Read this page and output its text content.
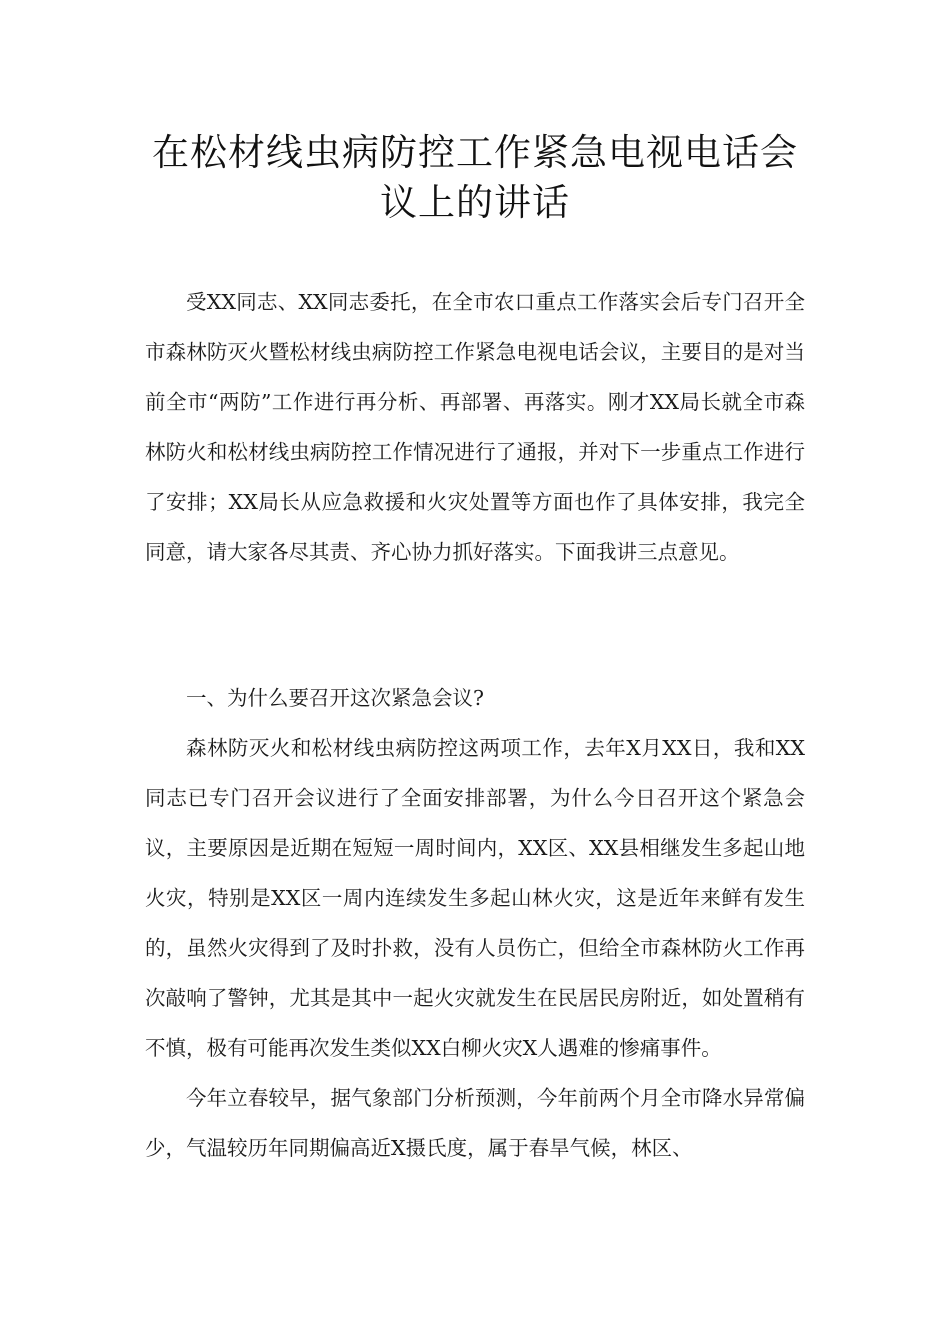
在松材线虫病防控工作紧急电视电话会
议上的讲话

受XX同志、XX同志委托，在全市农口重点工作落实会后专门召开全市森林防灭火暨松材线虫病防控工作紧急电视电话会议，主要目的是对当前全市“两防”工作进行再分析、再部署、再落实。刚才XX局长就全市森林防火和松材线虫病防控工作情况进行了通报，并对下一步重点工作进行了安排；XX局长从应急救援和火灾处置等方面也作了具体安排，我完全同意，请大家各尽其责、齐心协力抓好落实。下面我讲三点意见。

一、为什么要召开这次紧急会议?

森林防灭火和松材线虫病防控这两项工作，去年X月XX日，我和XX同志已专门召开会议进行了全面安排部署，为什么今日召开这个紧急会议，主要原因是近期在短短一周时间内，XX区、XX县相继发生多起山地火灾，特别是XX区一周内连续发生多起山林火灾，这是近年来鲜有发生的，虽然火灾得到了及时扑救，没有人员伤亡，但给全市森林防火工作再次敲响了警钟，尤其是其中一起火灾就发生在民居民房附近，如处置稍有不慎，极有可能再次发生类似XX白柳火灾X人遇难的惨痛事件。

今年立春较早，据气象部门分析预测，今年前两个月全市降水异常偏少，气温较历年同期偏高近X摄氏度，属于春旱气候，林区、
